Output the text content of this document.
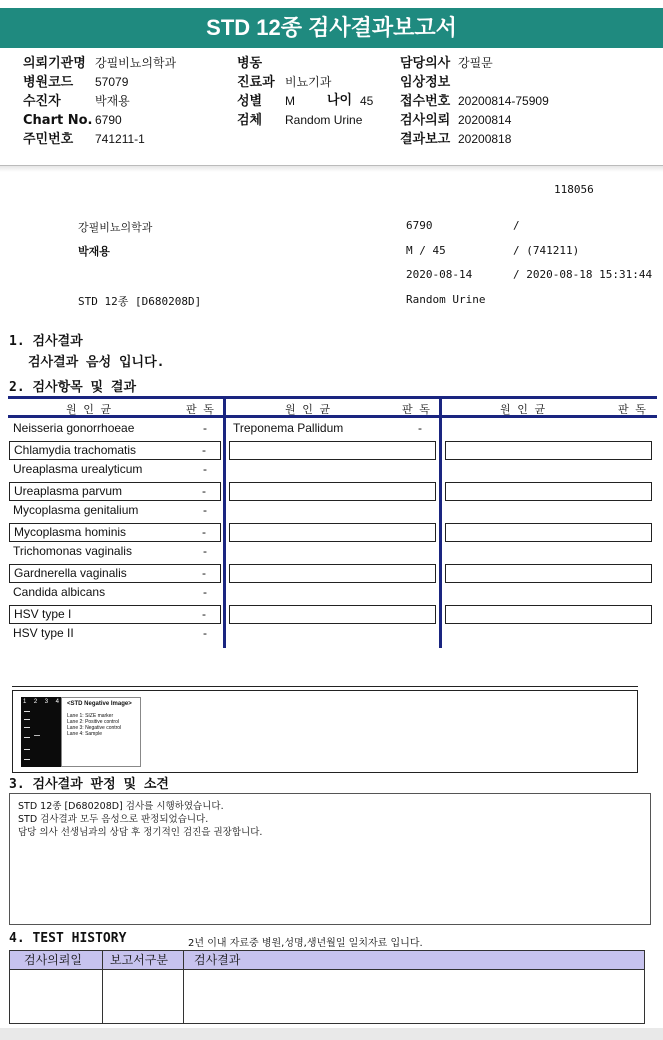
STD 12종 검사결과보고서
의뢰기관명 강필비뇨의학과
병원코드 57079
수진자	박재용
Chart No. 6790
주민번호 741211-1
병동
진료과 비뇨기과
성별 M
검체 Random Urine
담당의사 강필문
임상정보
접수번호 20200814-75909
검사의뢰 20200814
결과보고 20200818
나이 45
118056
강필비뇨의학과	6790	/
박재용	M / 45	/ (741211)
2020-08-14	/ 2020-08-18 15:31:44
STD 12종 [D680208D]	Random Urine
1. 검사결과
검사결과 음성 입니다.
2. 검사항목 및 결과
원 인 균	판 독	원 인 균	판 독	원 인 균	판 독
Neisseria gonorrhoeae	- Treponema Pallidum	-
Chlamydia trachomatis	-
Ureaplasma urealyticum	-
Ureaplasma parvum	-
Mycoplasma genitalium	-
Mycoplasma hominis	-
Trichomonas vaginalis	-
Gardnerella vaginalis	-
Candida albicans	-
HSV type I	-
HSV type II	-
1 2 3 4 <STD Negative Image>
Lane 1: SIZE marker
Lane 2: Positive control
Lane 3: Negative control
Lane 4: Sample
3. 검사결과 판정 및 소견
STD 12종 [D680208D] 검사를 시행하였습니다.
STD 검사결과 모두 음성으로 판정되었습니다.
담당 의사 선생님과의 상담 후 정기적인 검진을 권장합니다.
4. TEST HISTORY	2년 이내 자료중 병원,성명,생년월일 일치자료 입니다.
검사의뢰일 보고서구분 검사결과
